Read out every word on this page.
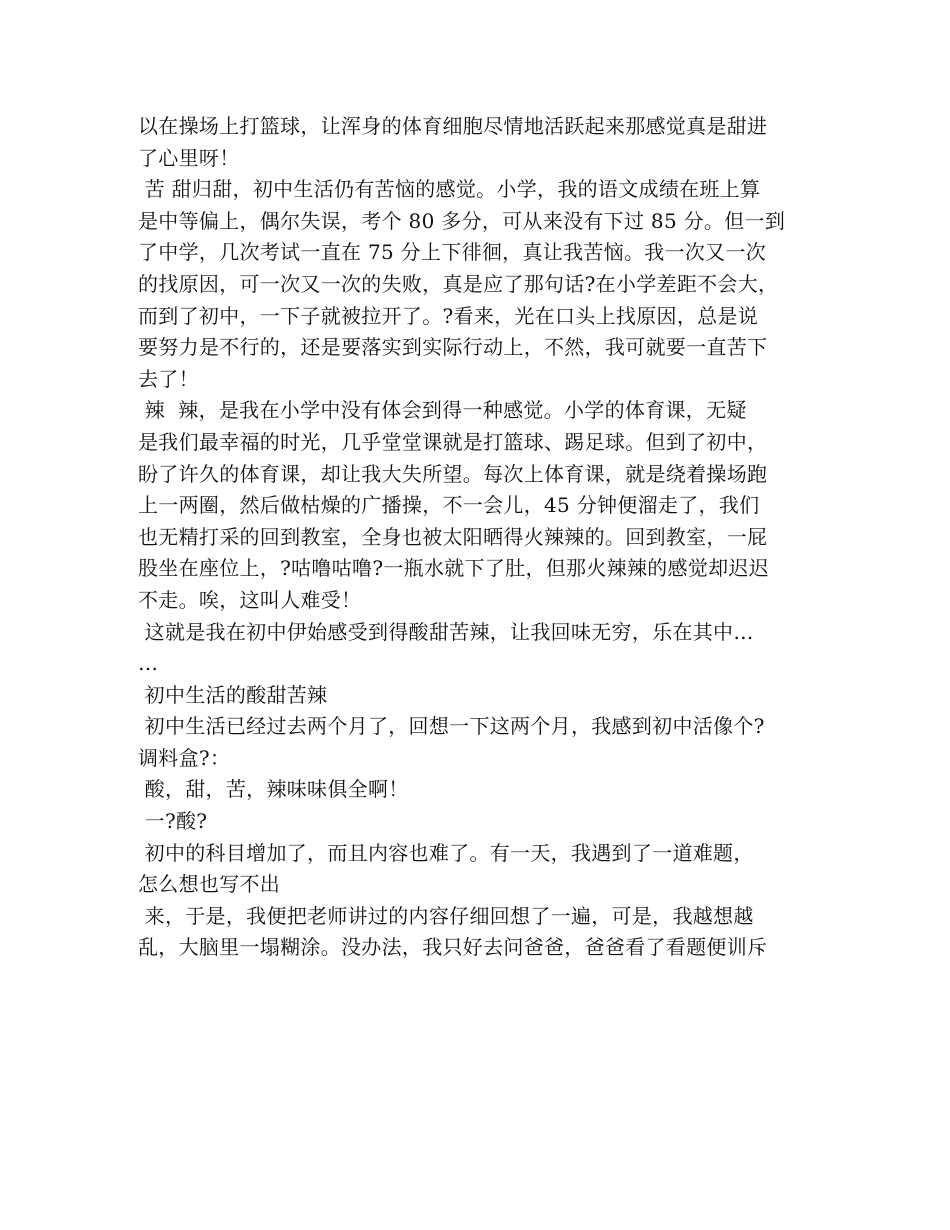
以在操场上打篮球，让浑身的体育细胞尽情地活跃起来那感觉真是甜进
了心里呀！
苦 甜归甜，初中生活仍有苦恼的感觉。小学，我的语文成绩在班上算
是中等偏上，偶尔失误，考个 80 多分，可从来没有下过 85 分。但一到
了中学，几次考试一直在 75 分上下徘徊，真让我苦恼。我一次又一次
的找原因，可一次又一次的失败，真是应了那句话?在小学差距不会大，
而到了初中，一下子就被拉开了。?看来，光在口头上找原因，总是说
要努力是不行的，还是要落实到实际行动上，不然，我可就要一直苦下
去了！
辣  辣，是我在小学中没有体会到得一种感觉。小学的体育课，无疑
是我们最幸福的时光，几乎堂堂课就是打篮球、踢足球。但到了初中，
盼了许久的体育课，却让我大失所望。每次上体育课，就是绕着操场跑
上一两圈，然后做枯燥的广播操，不一会儿，45 分钟便溜走了，我们
也无精打采的回到教室，全身也被太阳晒得火辣辣的。回到教室，一屁
股坐在座位上，?咕噜咕噜?一瓶水就下了肚，但那火辣辣的感觉却迟迟
不走。唉，这叫人难受！
这就是我在初中伊始感受到得酸甜苦辣，让我回味无穷，乐在其中…
…
初中生活的酸甜苦辣
初中生活已经过去两个月了，回想一下这两个月，我感到初中活像个?
调料盒?：
酸，甜，苦，辣味味俱全啊！
一?酸?
初中的科目增加了，而且内容也难了。有一天，我遇到了一道难题，
怎么想也写不出
来，于是，我便把老师讲过的内容仔细回想了一遍，可是，我越想越
乱，大脑里一塌糊涂。没办法，我只好去问爸爸，爸爸看了看题便训斥
